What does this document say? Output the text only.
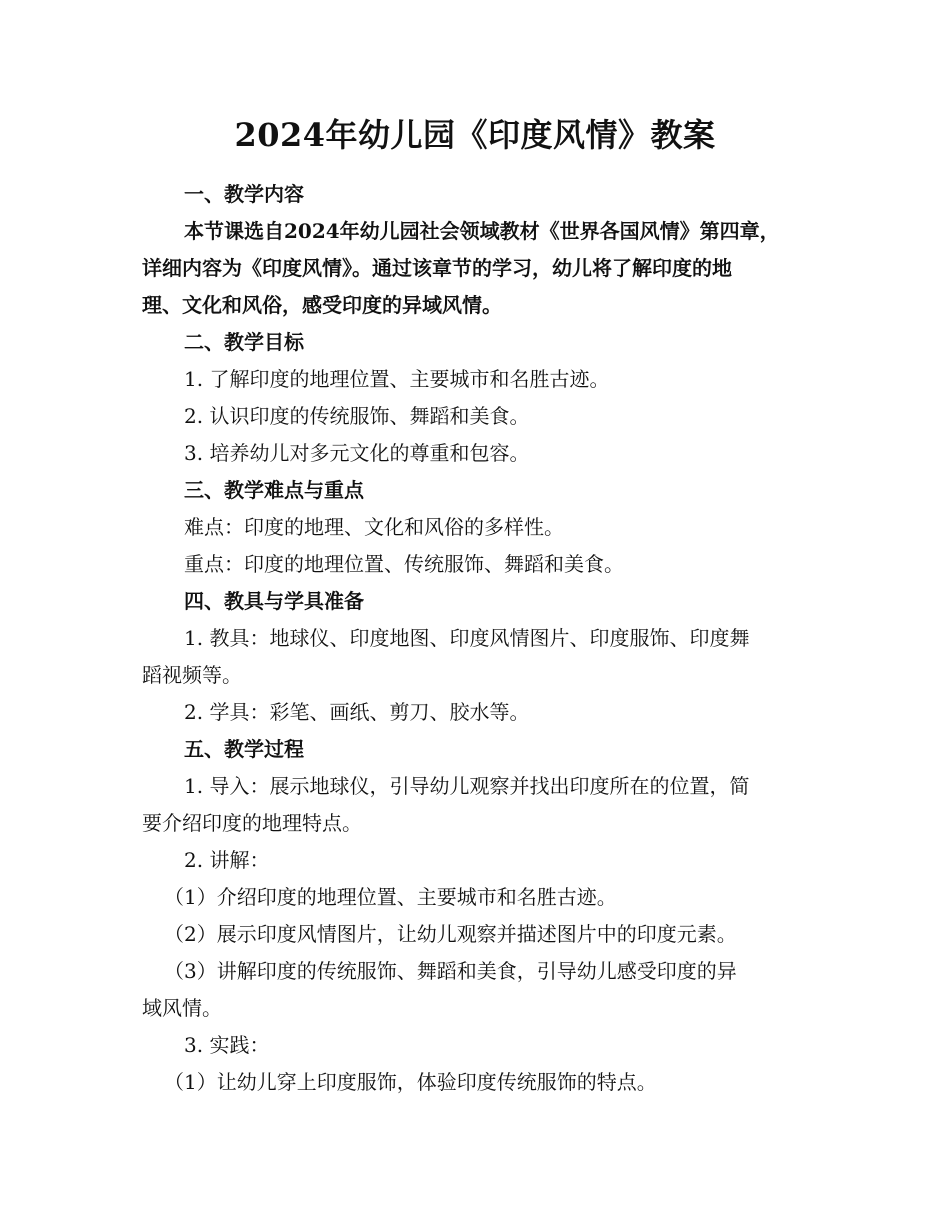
2024年幼儿园《印度风情》教案

一、教学内容

本节课选自2024年幼儿园社会领域教材《世界各国风情》第四章，

详细内容为《印度风情》。通过该章节的学习，幼儿将了解印度的地

理、文化和风俗，感受印度的异域风情。

二、教学目标

1. 了解印度的地理位置、主要城市和名胜古迹。

2. 认识印度的传统服饰、舞蹈和美食。

3. 培养幼儿对多元文化的尊重和包容。

三、教学难点与重点

难点：印度的地理、文化和风俗的多样性。

重点：印度的地理位置、传统服饰、舞蹈和美食。

四、教具与学具准备

1. 教具：地球仪、印度地图、印度风情图片、印度服饰、印度舞

蹈视频等。

2. 学具：彩笔、画纸、剪刀、胶水等。

五、教学过程

1. 导入：展示地球仪，引导幼儿观察并找出印度所在的位置，简

要介绍印度的地理特点。

2. 讲解：

（1）介绍印度的地理位置、主要城市和名胜古迹。

（2）展示印度风情图片，让幼儿观察并描述图片中的印度元素。

（3）讲解印度的传统服饰、舞蹈和美食，引导幼儿感受印度的异

域风情。

3. 实践：

（1）让幼儿穿上印度服饰，体验印度传统服饰的特点。
